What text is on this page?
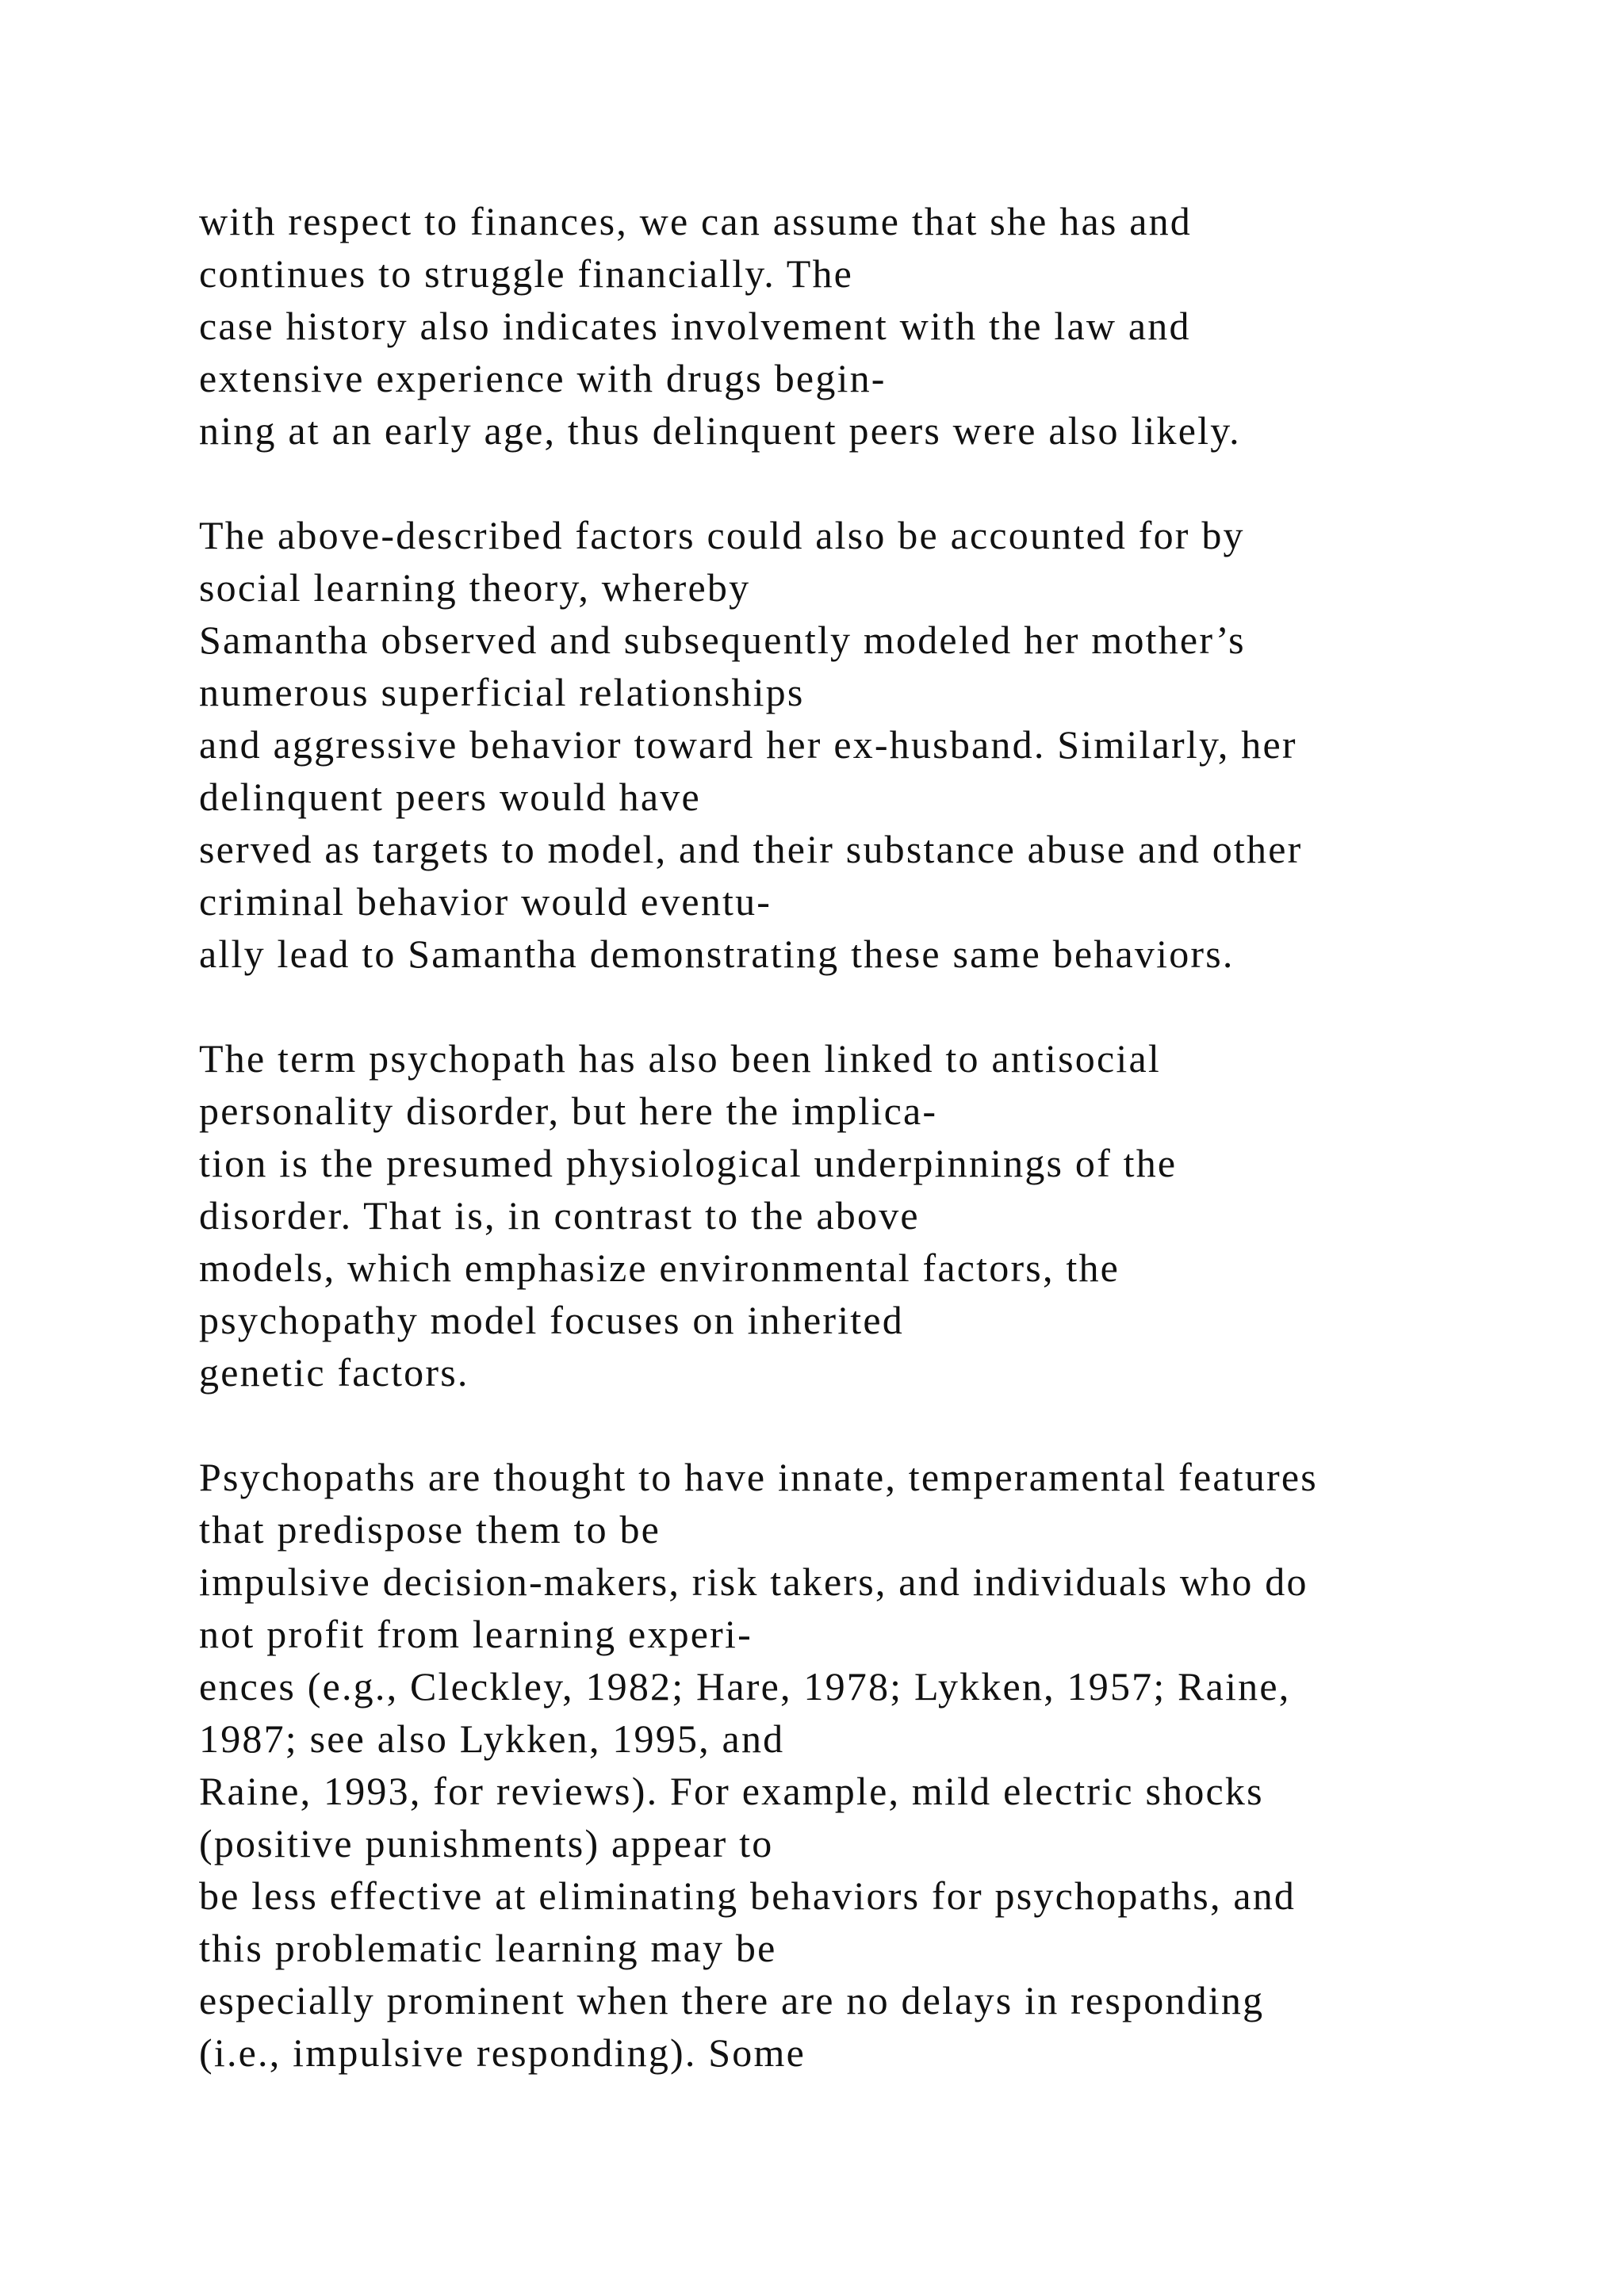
with respect to finances, we can assume that she has and
continues to struggle financially. The
case history also indicates involvement with the law and
extensive experience with drugs begin-
ning at an early age, thus delinquent peers were also likely.
The above-described factors could also be accounted for by
social learning theory, whereby
Samantha observed and subsequently modeled her mother’s
numerous superficial relationships
and aggressive behavior toward her ex-husband. Similarly, her
delinquent peers would have
served as targets to model, and their substance abuse and other
criminal behavior would eventu-
ally lead to Samantha demonstrating these same behaviors.
The term psychopath has also been linked to antisocial
personality disorder, but here the implica-
tion is the presumed physiological underpinnings of the
disorder. That is, in contrast to the above
models, which emphasize environmental factors, the
psychopathy model focuses on inherited
genetic factors.
Psychopaths are thought to have innate, temperamental features
that predispose them to be
impulsive decision-makers, risk takers, and individuals who do
not profit from learning experi-
ences (e.g., Cleckley, 1982; Hare, 1978; Lykken, 1957; Raine,
1987; see also Lykken, 1995, and
Raine, 1993, for reviews). For example, mild electric shocks
(positive punishments) appear to
be less effective at eliminating behaviors for psychopaths, and
this problematic learning may be
especially prominent when there are no delays in responding
(i.e., impulsive responding). Some
